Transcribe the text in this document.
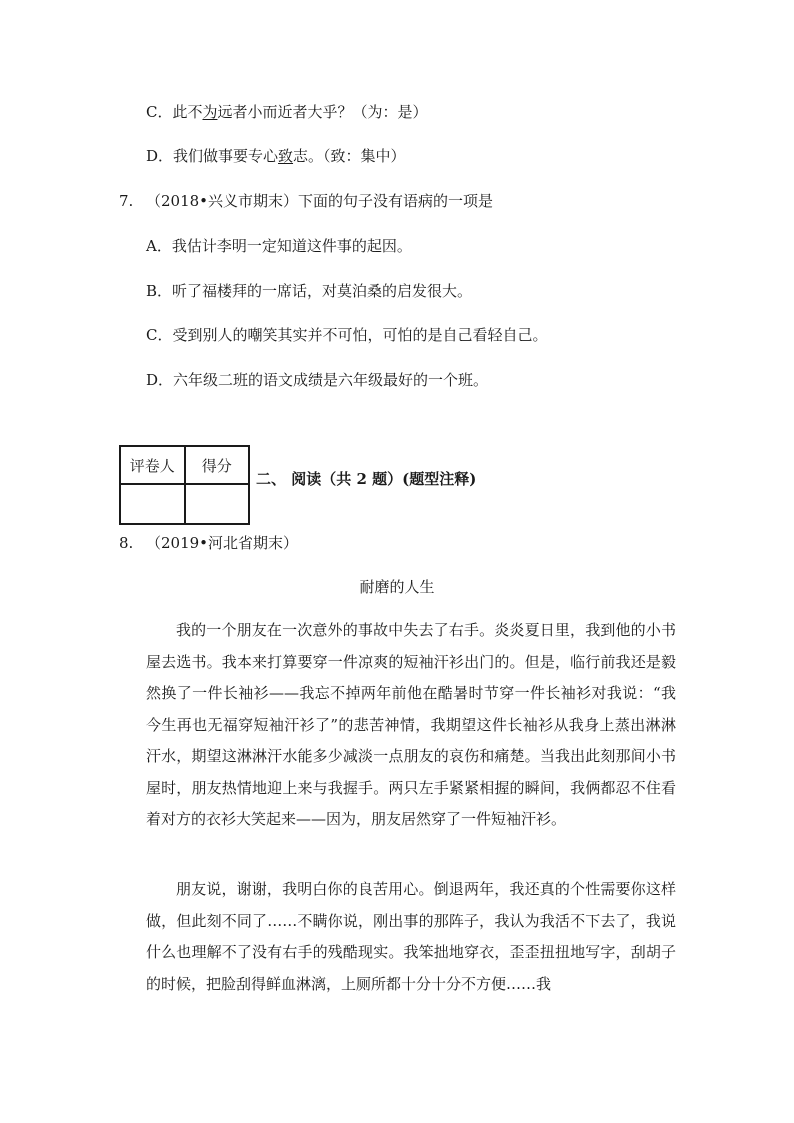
C．此不为远者小而近者大乎？（为：是）
D．我们做事要专心致志。（致：集中）
7. （2018•兴义市期末）下面的句子没有语病的一项是
A．我估计李明一定知道这件事的起因。
B．听了福楼拜的一席话，对莫泊桑的启发很大。
C．受到别人的嘲笑其实并不可怕，可怕的是自己看轻自己。
D．六年级二班的语文成绩是六年级最好的一个班。
评卷人	得分

二、 阅读（共 2 题）(题型注释)
8. （2019•河北省期末）
耐磨的人生

我的一个朋友在一次意外的事故中失去了右手。炎炎夏日里，我到他的小书屋去选书。我本来打算要穿一件凉爽的短袖汗衫出门的。但是，临行前我还是毅然换了一件长袖衫——我忘不掉两年前他在酷暑时节穿一件长袖衫对我说：“我今生再也无福穿短袖汗衫了”的悲苦神情，我期望这件长袖衫从我身上蒸出淋淋汗水，期望这淋淋汗水能多少减淡一点朋友的哀伤和痛楚。当我出此刻那间小书屋时，朋友热情地迎上来与我握手。两只左手紧紧相握的瞬间，我俩都忍不住看着对方的衣衫大笑起来——因为，朋友居然穿了一件短袖汗衫。

朋友说，谢谢，我明白你的良苦用心。倒退两年，我还真的个性需要你这样做，但此刻不同了……不瞒你说，刚出事的那阵子，我认为我活不下去了，我说什么也理解不了没有右手的残酷现实。我笨拙地穿衣，歪歪扭扭地写字，刮胡子的时候，把脸刮得鲜血淋漓，上厕所都十分十分不方便……我
